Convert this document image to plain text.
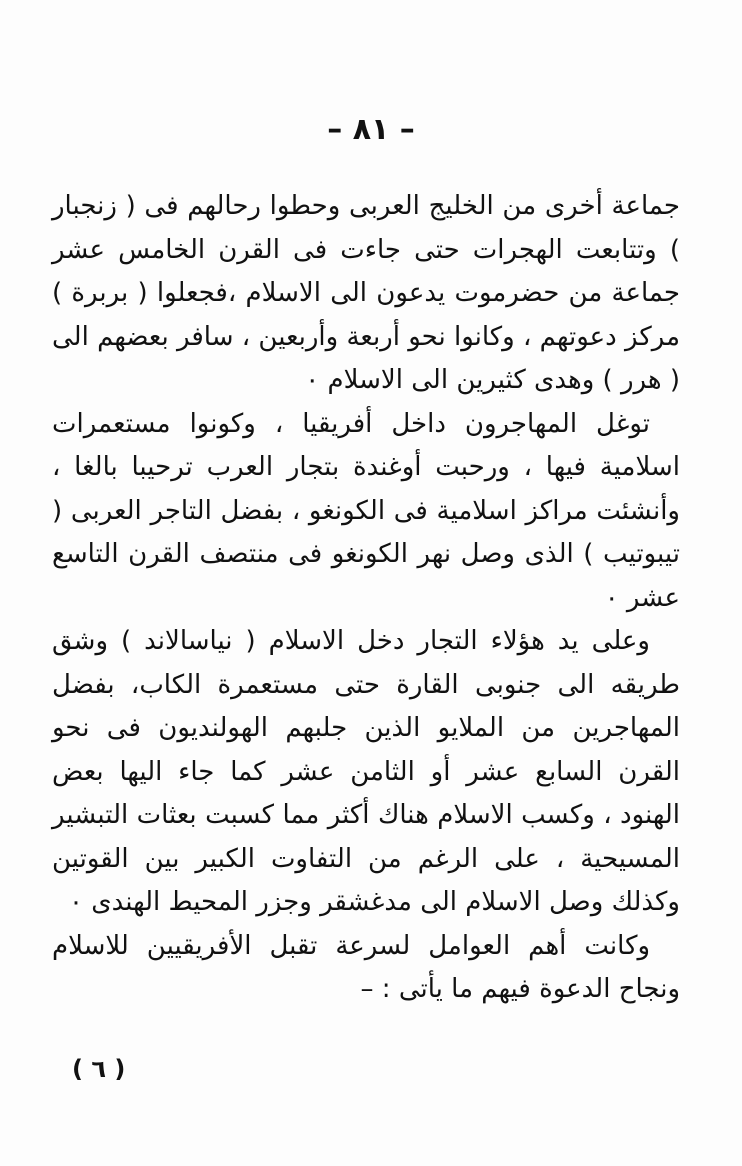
– ٨١ –

جماعة أخرى من الخليج العربى وحطوا رحالهم فى ( زنجبار ) وتتابعت الهجرات حتى جاءت فى القرن الخامس عشر جماعة من حضرموت يدعون الى الاسلام ،فجعلوا ( بربرة ) مركز دعوتهم ، وكانوا نحو أربعة وأربعين ، سافر بعضهم الى ( هرر ) وهدى كثيرين الى الاسلام ٠

توغل المهاجرون داخل أفريقيا ، وكونوا مستعمرات اسلامية فيها ، ورحبت أوغندة بتجار العرب ترحيبا بالغا ، وأنشئت مراكز اسلامية فى الكونغو ، بفضل التاجر العربى ( تيبوتيب ) الذى وصل نهر الكونغو فى منتصف القرن التاسع عشر ٠

وعلى يد هؤلاء التجار دخل الاسلام ( نياسالاند ) وشق طريقه الى جنوبى القارة حتى مستعمرة الكاب، بفضل المهاجرين من الملايو الذين جلبهم الهولنديون فى نحو القرن السابع عشر أو الثامن عشر كما جاء اليها بعض الهنود ، وكسب الاسلام هناك أكثر مما كسبت بعثات التبشير المسيحية ، على الرغم من التفاوت الكبير بين القوتين وكذلك وصل الاسلام الى مدغشقر وجزر المحيط الهندى ٠

وكانت أهم العوامل لسرعة تقبل الأفريقيين للاسلام ونجاح الدعوة فيهم ما يأتى : –

( ٦ )
